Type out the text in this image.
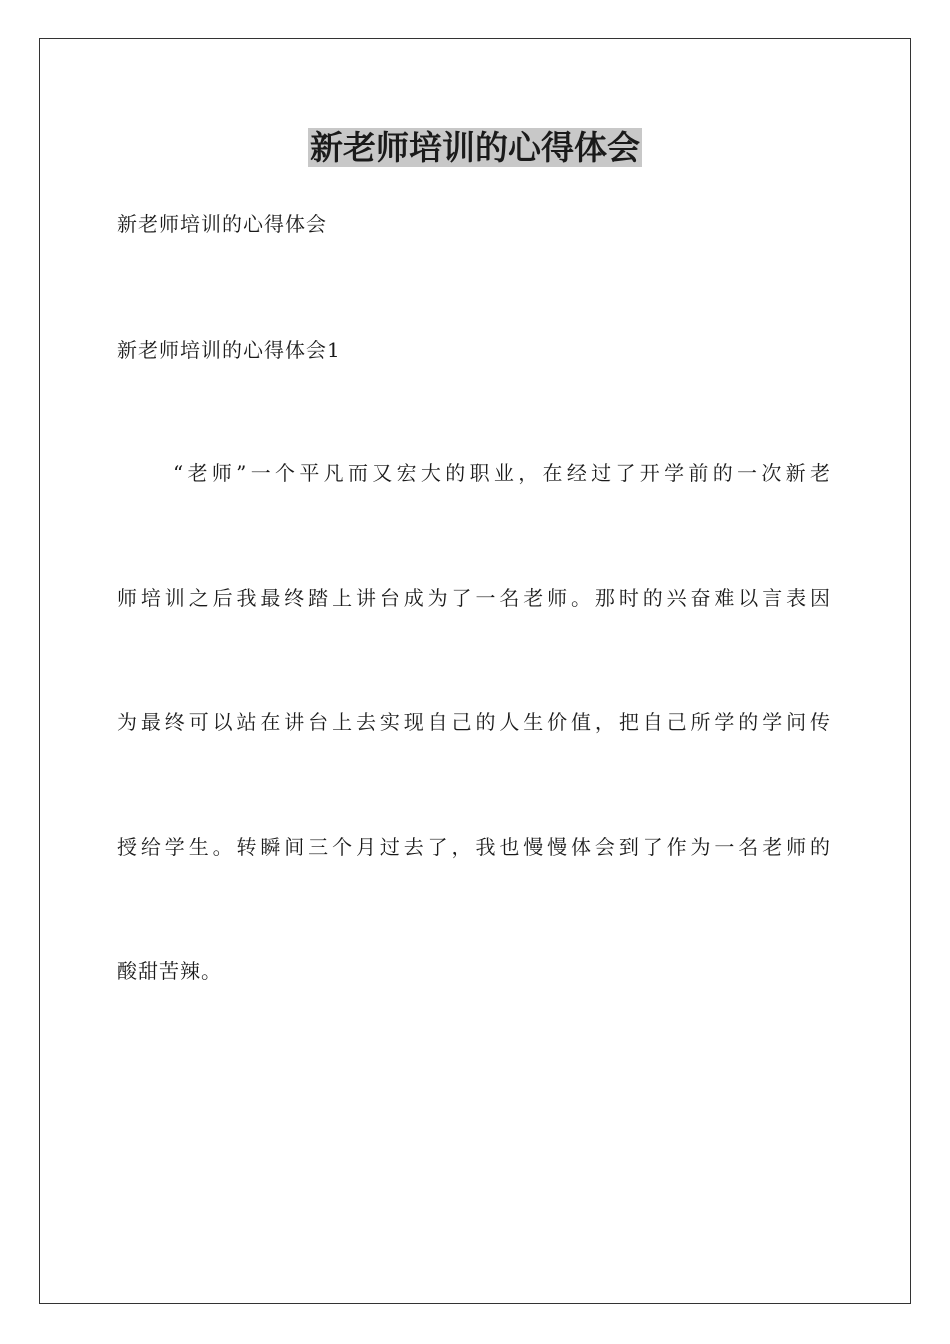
新老师培训的心得体会
新老师培训的心得体会
新老师培训的心得体会1
“老师”一个平凡而又宏大的职业，在经过了开学前的一次新老
师培训之后我最终踏上讲台成为了一名老师。那时的兴奋难以言表因
为最终可以站在讲台上去实现自己的人生价值，把自己所学的学问传
授给学生。转瞬间三个月过去了，我也慢慢体会到了作为一名老师的
酸甜苦辣。
